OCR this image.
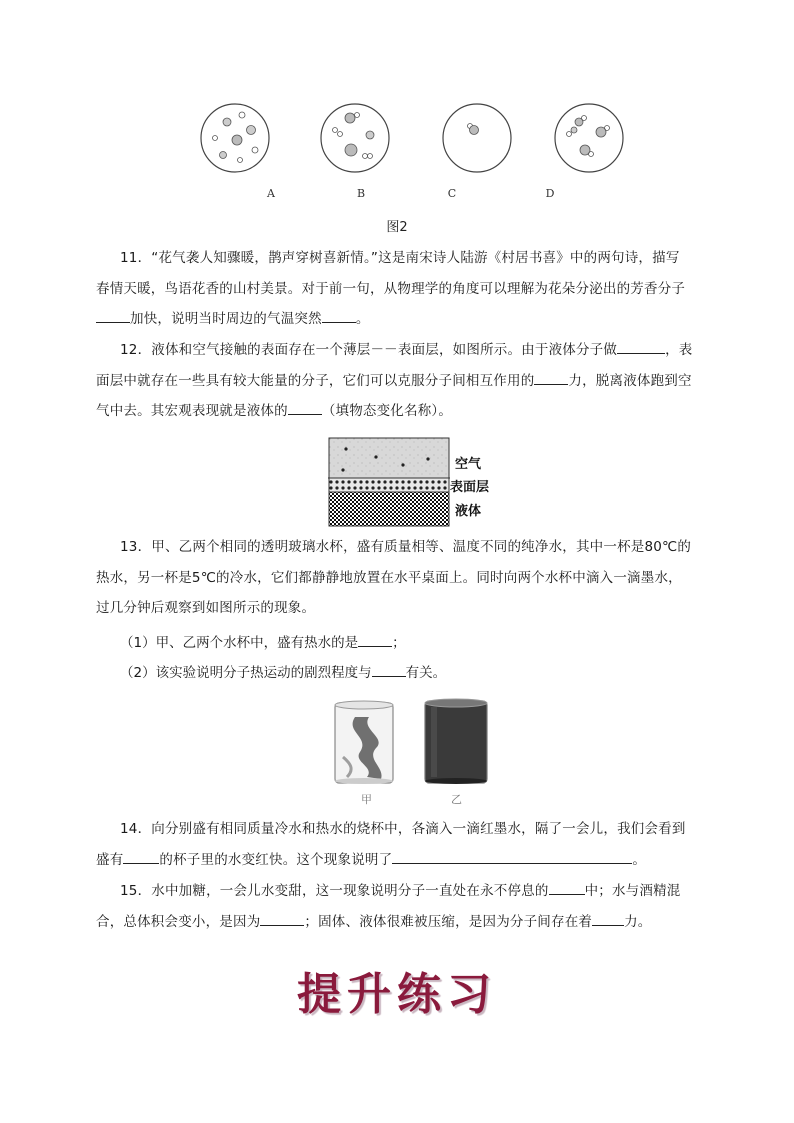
A	B	C	D
图2
11．“花气袭人知骤暖，鹊声穿树喜新情。”这是南宋诗人陆游《村居书喜》中的两句诗，描写
春情天暖，鸟语花香的山村美景。对于前一句，从物理学的角度可以理解为花朵分泌出的芳香分子
加快，说明当时周边的气温突然	。
12．液体和空气接触的表面存在一个薄层－－表面层，如图所示。由于液体分子做	，表
面层中就存在一些具有较大能量的分子，它们可以克服分子间相互作用的	力，脱离液体跑到空
气中去。其宏观表现就是液体的	（填物态变化名称）。
空气
表面层
液体
13．甲、乙两个相同的透明玻璃水杯，盛有质量相等、温度不同的纯净水，其中一杯是80℃的
热水，另一杯是5℃的冷水，它们都静静地放置在水平桌面上。同时向两个水杯中滴入一滴墨水，
过几分钟后观察到如图所示的现象。
（1）甲、乙两个水杯中，盛有热水的是	；
（2）该实验说明分子热运动的剧烈程度与	有关。
甲	乙
14．向分别盛有相同质量冷水和热水的烧杯中，各滴入一滴红墨水，隔了一会儿，我们会看到
盛有	的杯子里的水变红快。这个现象说明了	。
15．水中加糖，一会儿水变甜，这一现象说明分子一直处在永不停息的	中；水与酒精混
合，总体积会变小，是因为	；固体、液体很难被压缩，是因为分子间存在着 力。
提升练习
